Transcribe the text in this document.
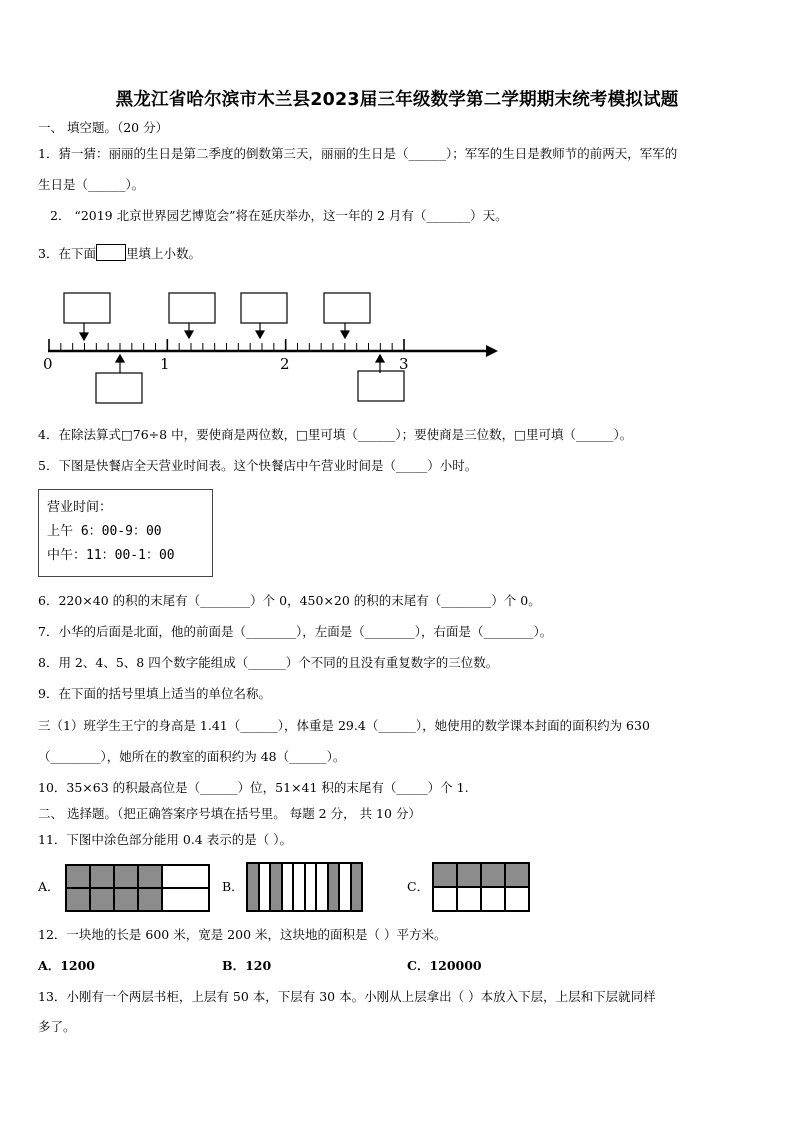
黑龙江省哈尔滨市木兰县2023届三年级数学第二学期期末统考模拟试题
一、 填空题。（20 分）
1．猜一猜：丽丽的生日是第二季度的倒数第三天，丽丽的生日是（______）；军军的生日是教师节的前两天，军军的
生日是（______）。
2． “2019 北京世界园艺博览会”将在延庆举办，这一年的 2 月有（_______）天。
3．在下面 里填上小数。
0	1	2	3
4．在除法算式□76÷8 中，要使商是两位数，□里可填（______）；要使商是三位数，□里可填（______）。
5．下图是快餐店全天营业时间表。这个快餐店中午营业时间是（_____）小时。
营业时间：
上午 6：00-9：00
中午：11：00-1：00
6．220×40 的积的末尾有（________）个 0，450×20 的积的末尾有（________）个 0。
7．小华的后面是北面，他的前面是（________），左面是（________），右面是（________）。
8．用 2、4、5、8 四个数字能组成（______）个不同的且没有重复数字的三位数。
9．在下面的括号里填上适当的单位名称。
三（1）班学生王宁的身高是 1.41（______），体重是 29.4（______），她使用的数学课本封面的面积约为 630
（________），她所在的教室的面积约为 48（______）。
10．35×63 的积最高位是（______）位，51×41 积的末尾有（_____）个 1.
二、 选择题。（把正确答案序号填在括号里。 每题 2 分， 共 10 分）
11．下图中涂色部分能用 0.4 表示的是（ ）。
A．	B．	C．
12．一块地的长是 600 米，宽是 200 米，这块地的面积是（ ）平方米。
A．1200	B．120	C．120000
13．小刚有一个两层书柜，上层有 50 本，下层有 30 本。小刚从上层拿出（ ）本放入下层，上层和下层就同样
多了。
